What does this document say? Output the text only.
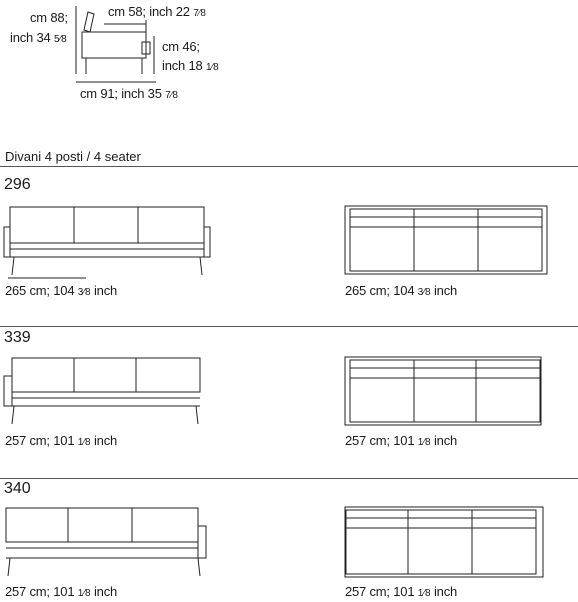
cm 88;
inch 34 5⁄8
cm 58; inch 22 7⁄8
cm 46;
inch 18 1⁄8
cm 91; inch 35 7⁄8
Divani 4 posti / 4 seater
296
265 cm; 104 3⁄8 inch	265 cm; 104 3⁄8 inch
339
257 cm; 101 1⁄8 inch	257 cm; 101 1⁄8 inch
340
257 cm; 101 1⁄8 inch	257 cm; 101 1⁄8 inch
